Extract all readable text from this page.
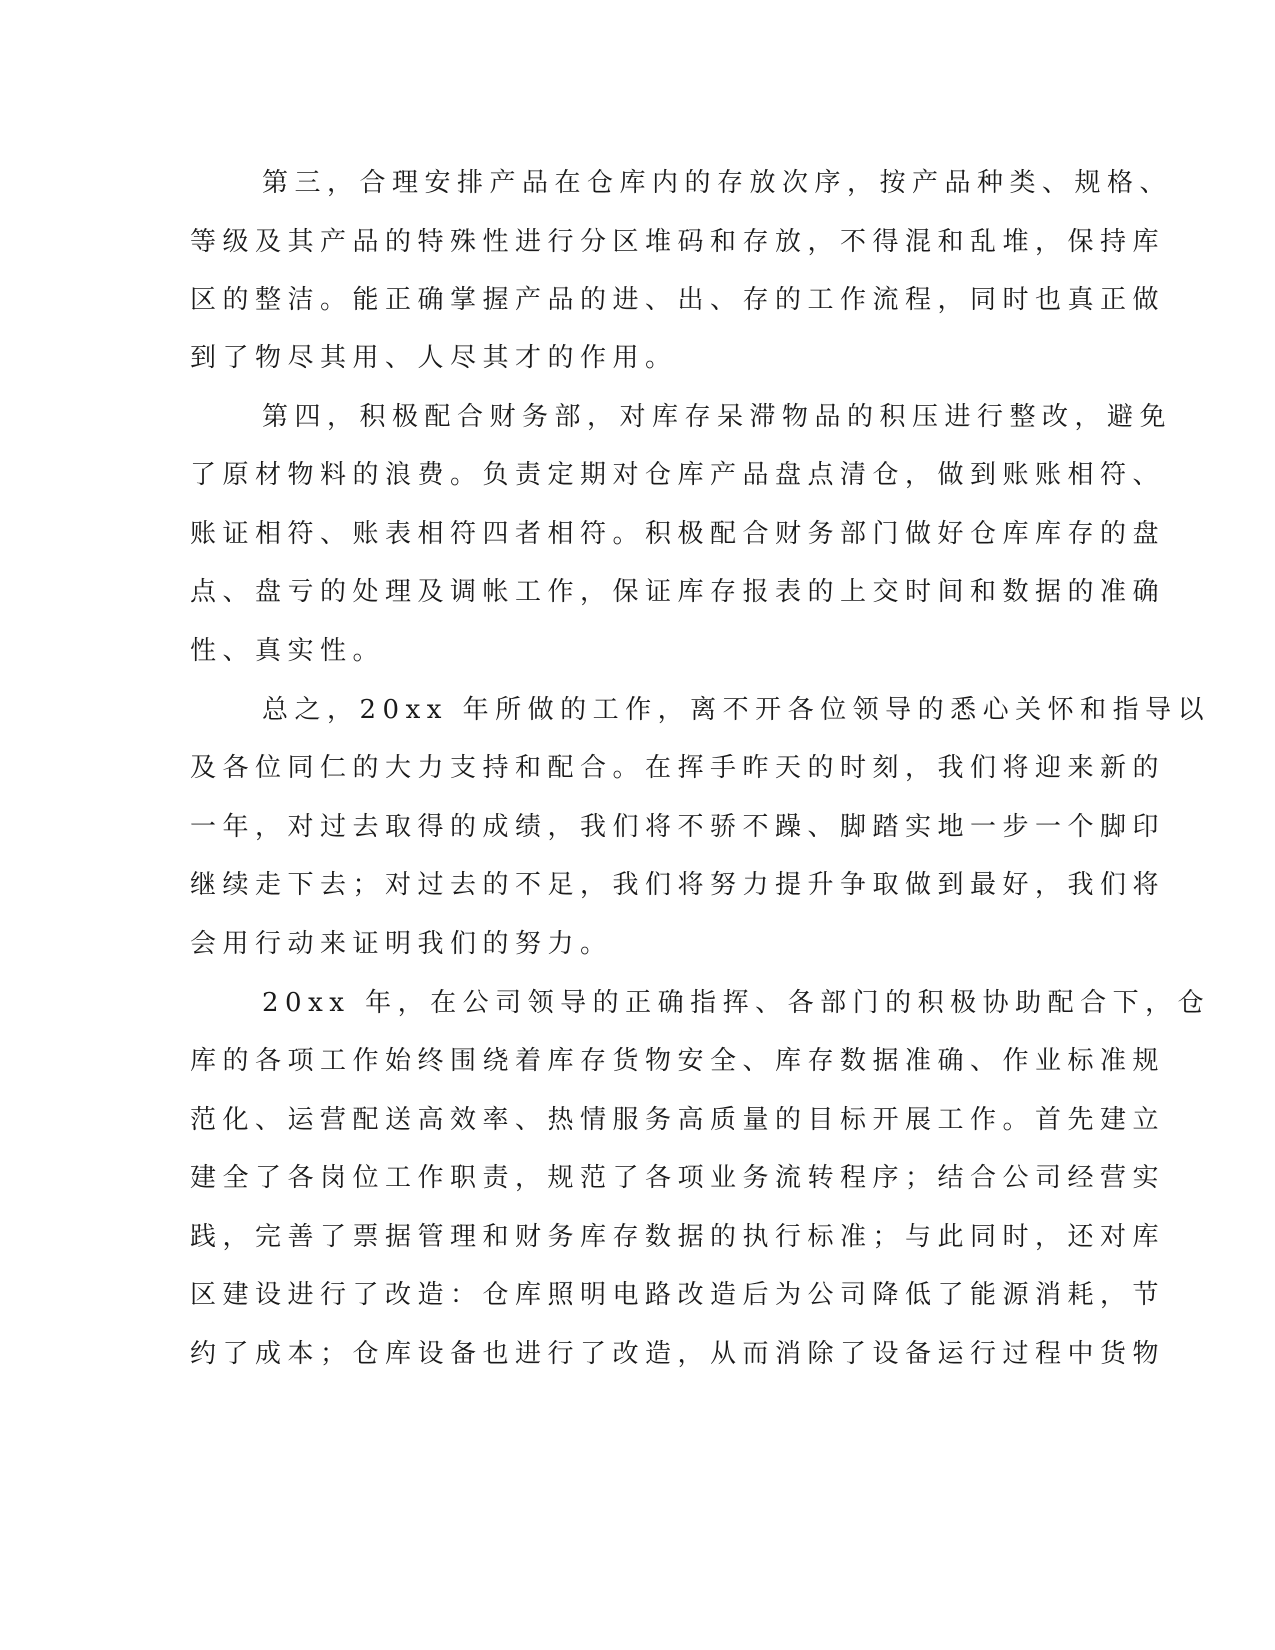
第三，合理安排产品在仓库内的存放次序，按产品种类、规格、
等级及其产品的特殊性进行分区堆码和存放，不得混和乱堆，保持库
区的整洁。能正确掌握产品的进、出、存的工作流程，同时也真正做
到了物尽其用、人尽其才的作用。
第四，积极配合财务部，对库存呆滞物品的积压进行整改，避免
了原材物料的浪费。负责定期对仓库产品盘点清仓，做到账账相符、
账证相符、账表相符四者相符。积极配合财务部门做好仓库库存的盘
点、盘亏的处理及调帐工作，保证库存报表的上交时间和数据的准确
性、真实性。
总之，20xx 年所做的工作，离不开各位领导的悉心关怀和指导以
及各位同仁的大力支持和配合。在挥手昨天的时刻，我们将迎来新的
一年，对过去取得的成绩，我们将不骄不躁、脚踏实地一步一个脚印
继续走下去；对过去的不足，我们将努力提升争取做到最好，我们将
会用行动来证明我们的努力。
20xx 年，在公司领导的正确指挥、各部门的积极协助配合下，仓
库的各项工作始终围绕着库存货物安全、库存数据准确、作业标准规
范化、运营配送高效率、热情服务高质量的目标开展工作。首先建立
建全了各岗位工作职责，规范了各项业务流转程序；结合公司经营实
践，完善了票据管理和财务库存数据的执行标准；与此同时，还对库
区建设进行了改造：仓库照明电路改造后为公司降低了能源消耗，节
约了成本；仓库设备也进行了改造，从而消除了设备运行过程中货物
